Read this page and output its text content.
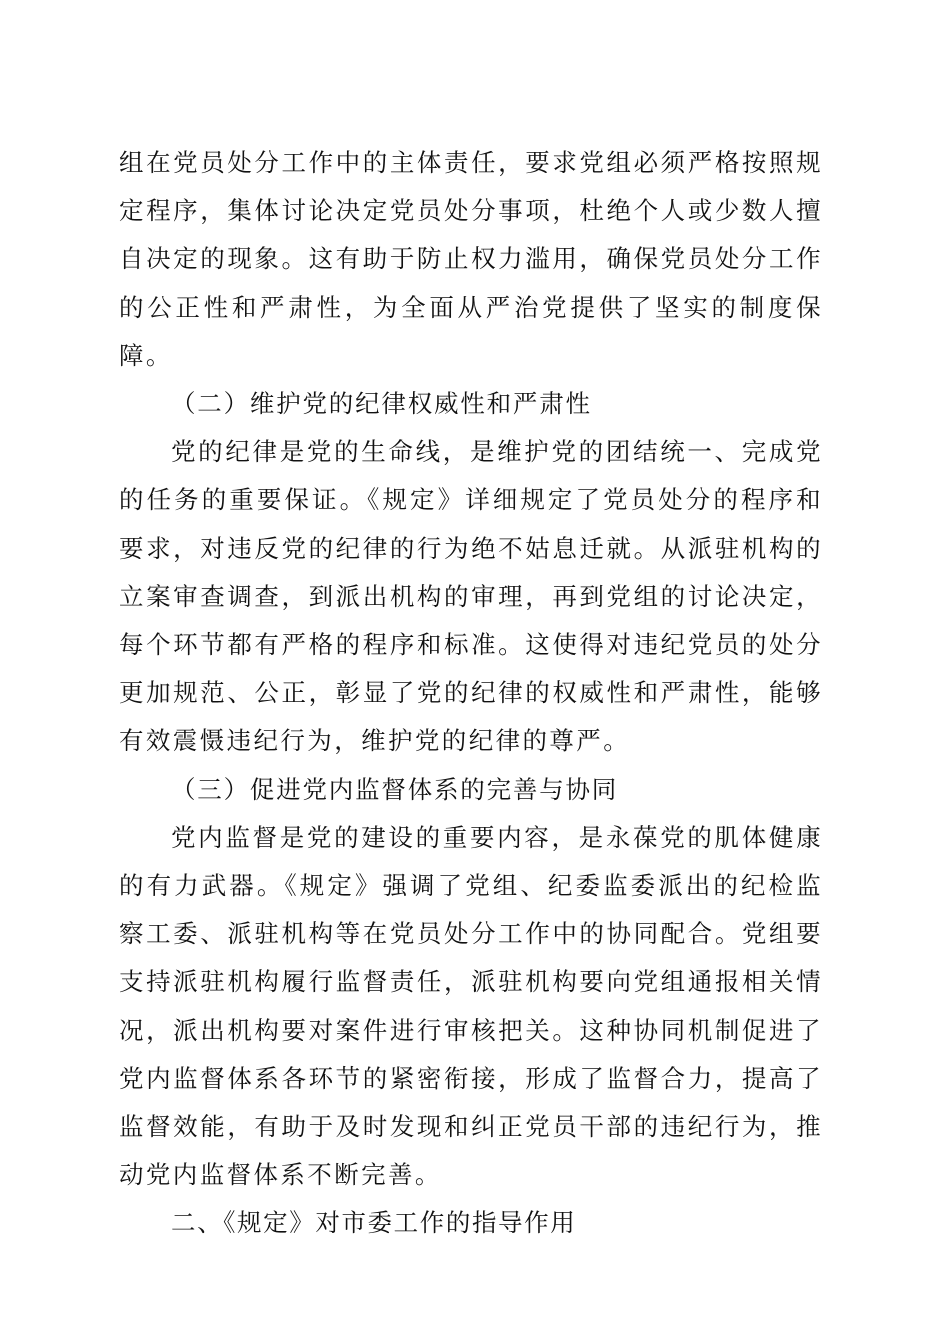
组在党员处分工作中的主体责任，要求党组必须严格按照规定程序，集体讨论决定党员处分事项，杜绝个人或少数人擅自决定的现象。这有助于防止权力滥用，确保党员处分工作的公正性和严肃性，为全面从严治党提供了坚实的制度保障。

（二）维护党的纪律权威性和严肃性

党的纪律是党的生命线，是维护党的团结统一、完成党的任务的重要保证。《规定》详细规定了党员处分的程序和要求，对违反党的纪律的行为绝不姑息迁就。从派驻机构的立案审查调查，到派出机构的审理，再到党组的讨论决定，每个环节都有严格的程序和标准。这使得对违纪党员的处分更加规范、公正，彰显了党的纪律的权威性和严肃性，能够有效震慑违纪行为，维护党的纪律的尊严。

（三）促进党内监督体系的完善与协同

党内监督是党的建设的重要内容，是永葆党的肌体健康的有力武器。《规定》强调了党组、纪委监委派出的纪检监察工委、派驻机构等在党员处分工作中的协同配合。党组要支持派驻机构履行监督责任，派驻机构要向党组通报相关情况，派出机构要对案件进行审核把关。这种协同机制促进了党内监督体系各环节的紧密衔接，形成了监督合力，提高了监督效能，有助于及时发现和纠正党员干部的违纪行为，推动党内监督体系不断完善。

二、《规定》对市委工作的指导作用
